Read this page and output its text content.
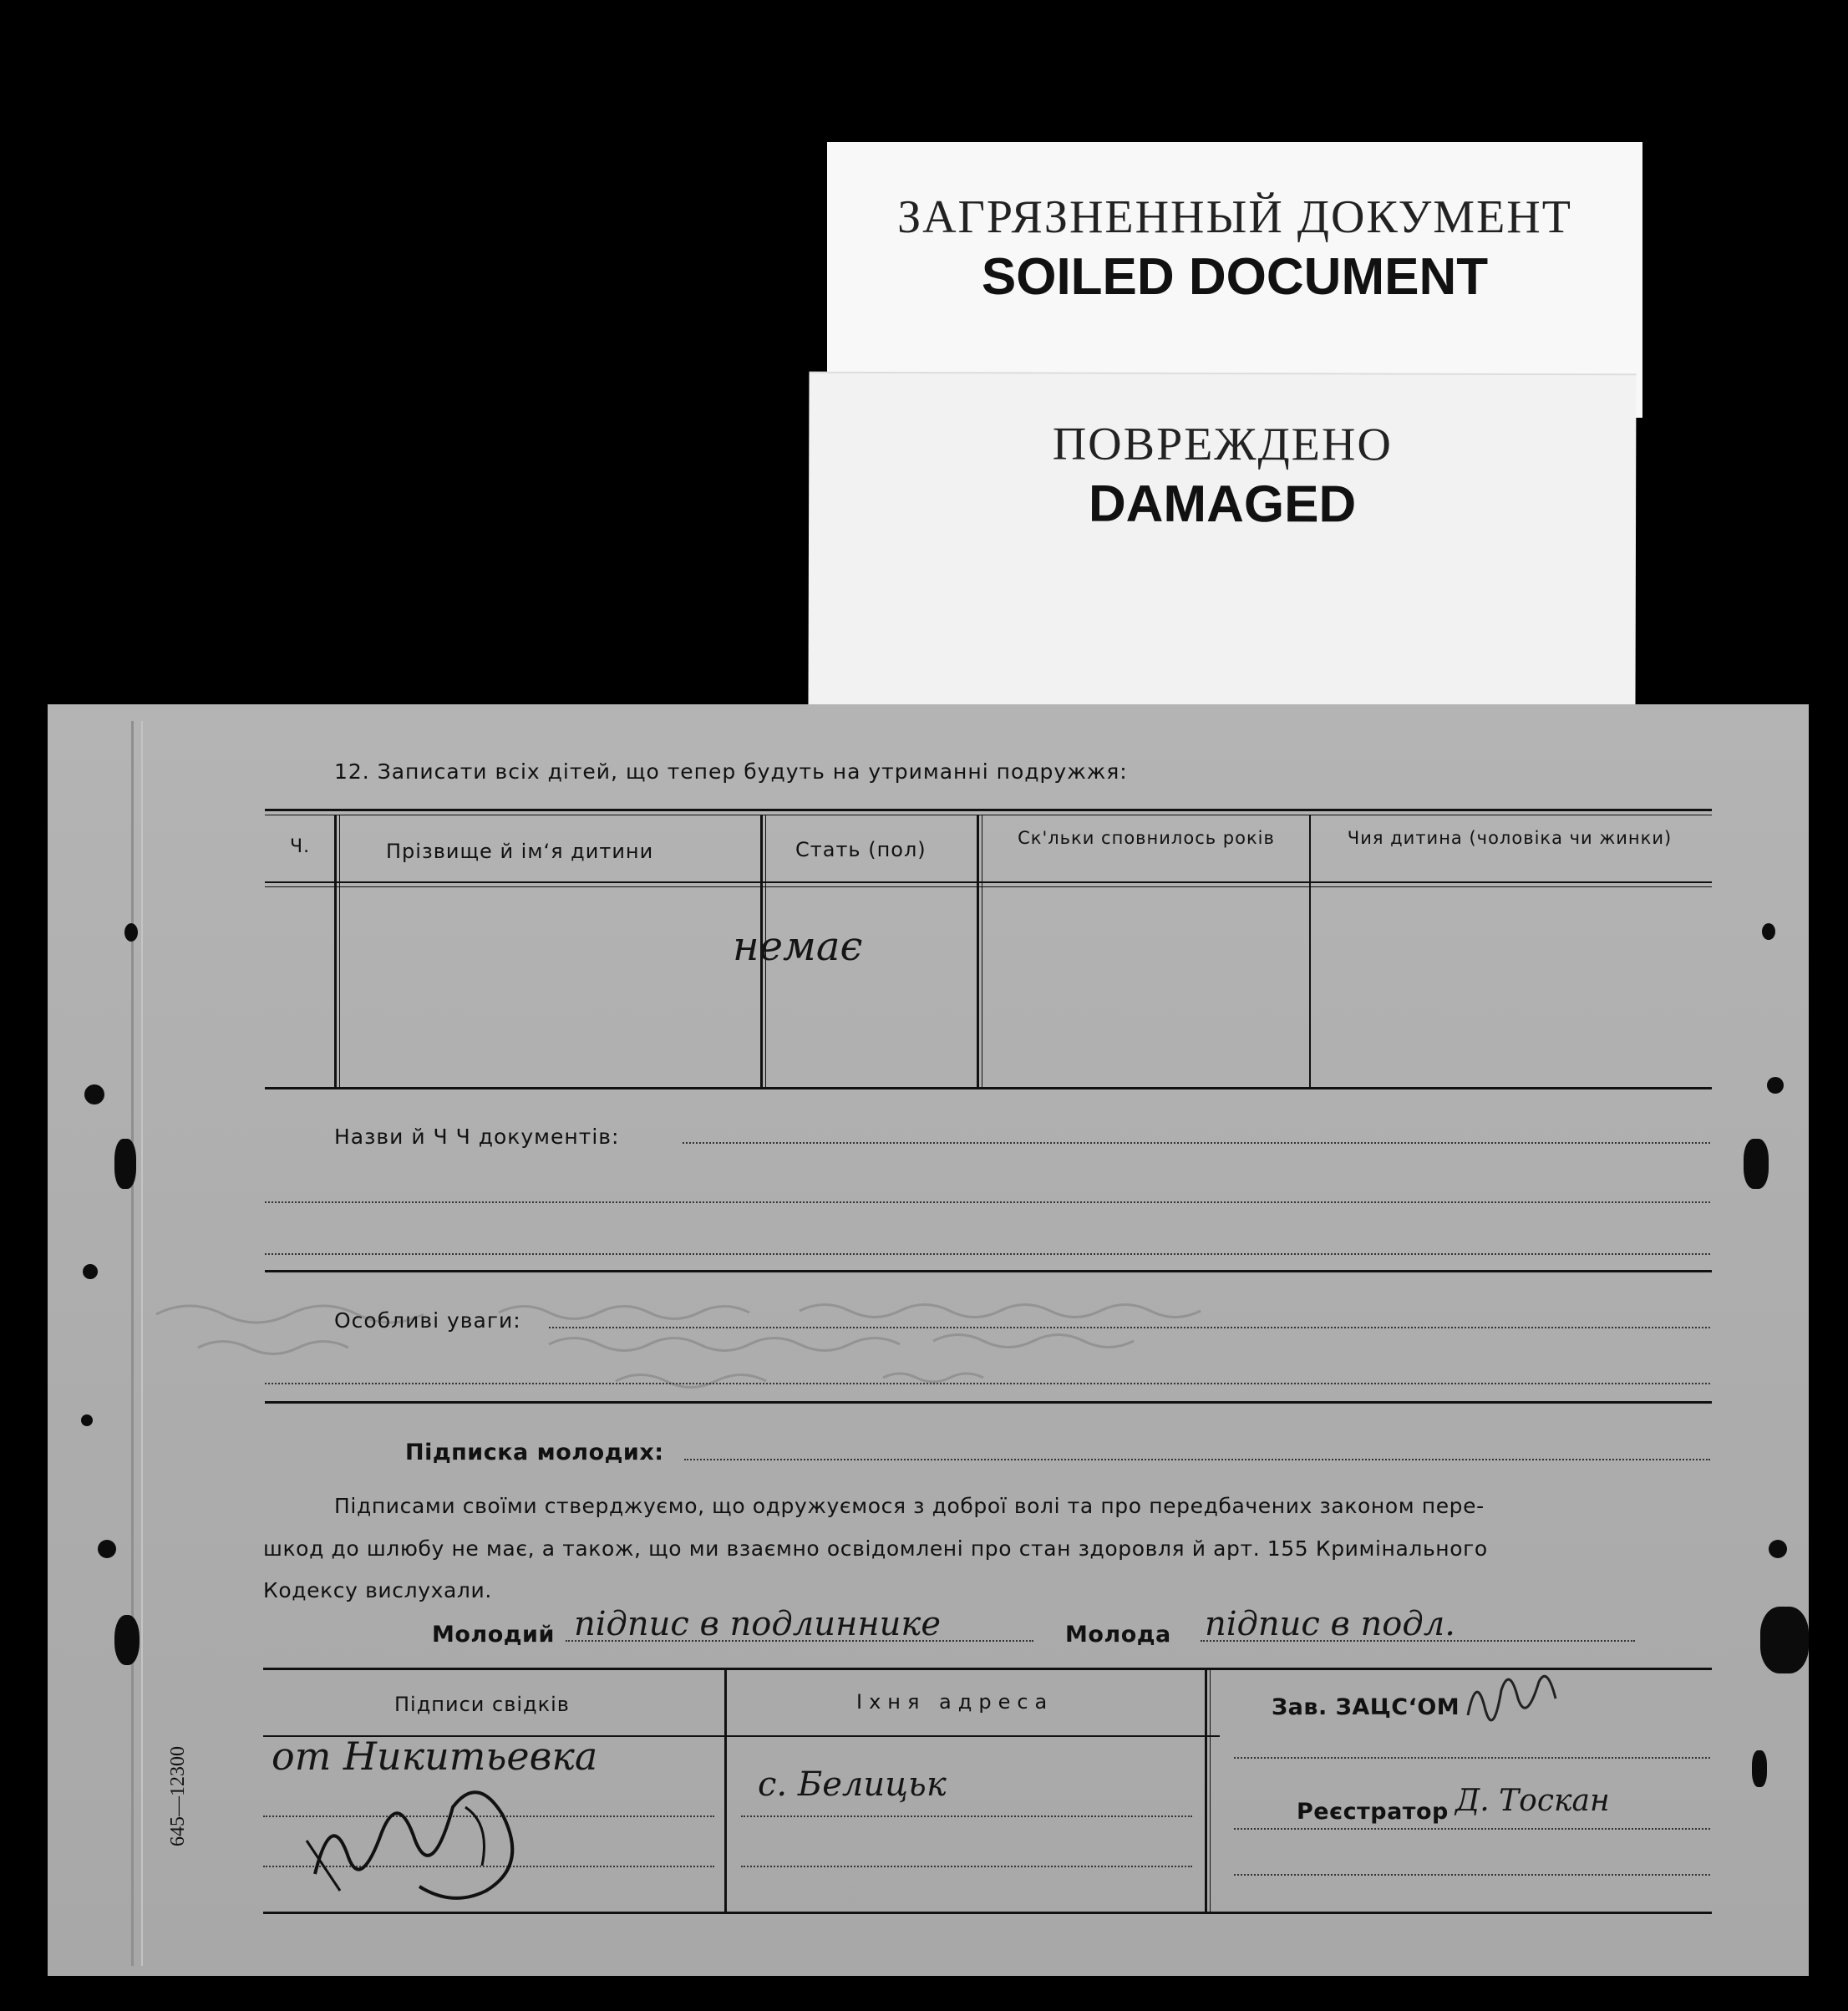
ЗАГРЯЗНЕННЫЙ ДОКУМЕНТ
SOILED DOCUMENT
ПОВРЕЖДЕНО
DAMAGED
12. Записати всіх дітей, що тепер будуть на утриманні подружжя:
Ч.	Прізвище й ім‘я дитини	Стать (пол)	Ск'льки сповнилось років	Чия дитина (чоловіка чи жинки)
немає
Назви й Ч Ч документів:
Особливі уваги:
Підписка молодих:
Підписами своїми стверджуємо, що одружуємося з доброї волі та про передбачених законом пере-
шкод до шлюбу не має, а також, що ми взаємно освідомлені про стан здоровля й арт. 155 Кримінального
Кодексу вислухали.
Молодий підпис в подлиннике	Молода підпис в подл.
Підписи свідків	Іхня адреса
от Никитьевка
с. Белицьк
Зав. ЗАЦС‘ОМ
Реєстратор Д. Тоскан
645—12300
